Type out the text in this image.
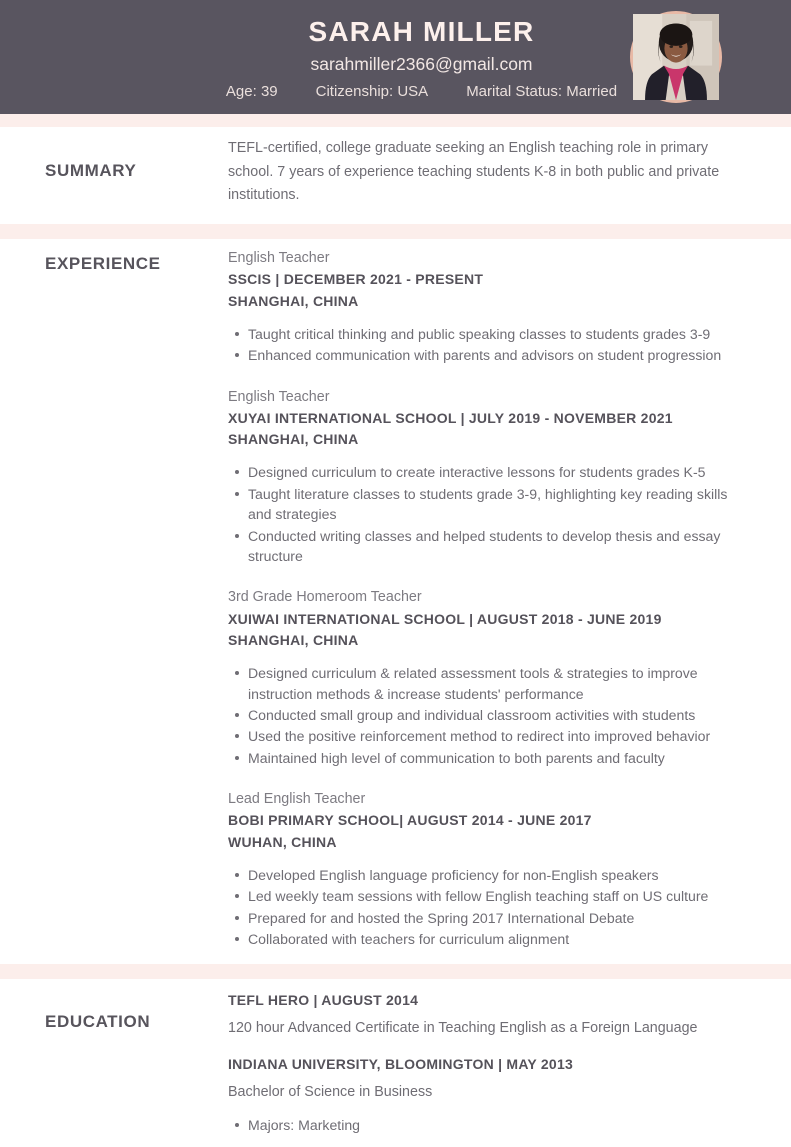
SARAH MILLER
sarahmiller2366@gmail.com
Age: 39	Citizenship: USA	Marital Status: Married
SUMMARY
TEFL-certified, college graduate seeking an English teaching role in primary school. 7 years of experience teaching students K-8 in both public and private institutions.
EXPERIENCE	English Teacher
SSCIS | DECEMBER 2021 - PRESENT
SHANGHAI, CHINA
Taught critical thinking and public speaking classes to students grades 3-9
Enhanced communication with parents and advisors on student progression
English Teacher
XUYAI INTERNATIONAL SCHOOL | JULY 2019 - NOVEMBER 2021
SHANGHAI, CHINA
Designed curriculum to create interactive lessons for students grades K-5
Taught literature classes to students grade 3-9, highlighting key reading skills and strategies
Conducted writing classes and helped students to develop thesis and essay structure
3rd Grade Homeroom Teacher
XUIWAI INTERNATIONAL SCHOOL | AUGUST 2018 - JUNE 2019
SHANGHAI, CHINA
Designed curriculum & related assessment tools & strategies to improve instruction methods & increase students' performance
Conducted small group and individual classroom activities with students
Used the positive reinforcement method to redirect into improved behavior
Maintained high level of communication to both parents and faculty
Lead English Teacher
BOBI PRIMARY SCHOOL| AUGUST 2014 - JUNE 2017
WUHAN, CHINA
Developed English language proficiency for non-English speakers
Led weekly team sessions with fellow English teaching staff on US culture
Prepared for and hosted the Spring 2017 International Debate
Collaborated with teachers for curriculum alignment
EDUCATION
TEFL HERO | AUGUST 2014
120 hour Advanced Certificate in Teaching English as a Foreign Language
INDIANA UNIVERSITY, BLOOMINGTON | MAY 2013
Bachelor of Science in Business
Majors: Marketing
